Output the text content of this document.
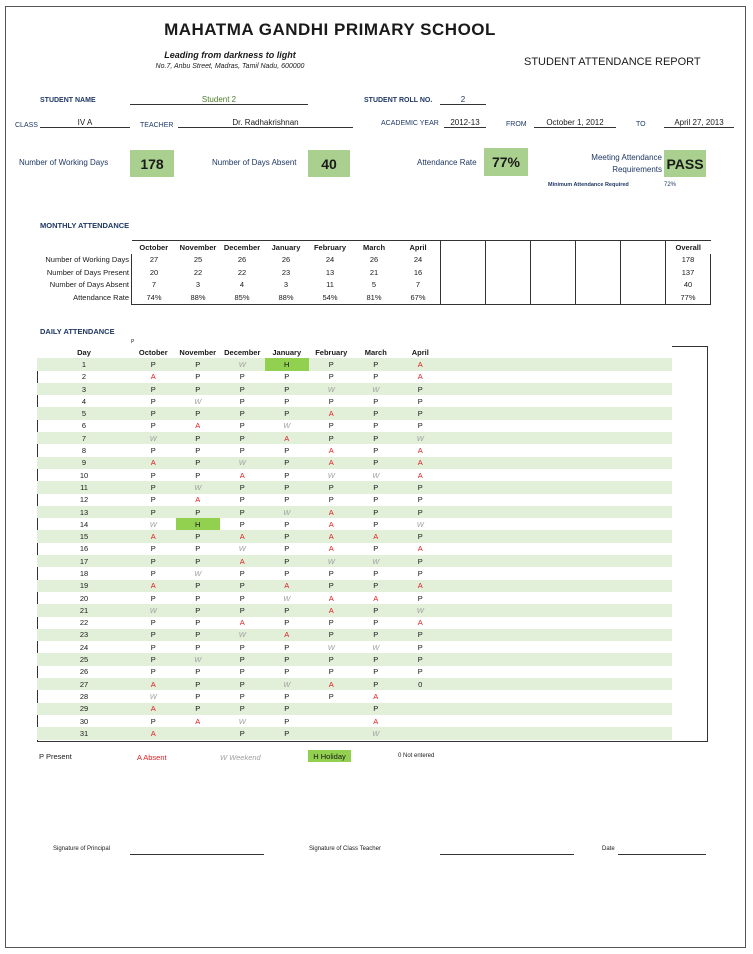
MAHATMA GANDHI PRIMARY SCHOOL
Leading from darkness to light
No.7, Anbu Street, Madras, Tamil Nadu, 600000	STUDENT ATTENDANCE REPORT
STUDENT NAME	Student 2	STUDENT ROLL NO.	2
CLASS	IV A	TEACHER	Dr. Radhakrishnan	ACADEMIC YEAR	2012-13	FROM	October 1, 2012	TO	April 27, 2013
Number of Working Days	178	Number of Days Absent	40	Attendance Rate	77%	Meeting Attendance
Requirements PASS
Minimum Attendance Required	72%
MONTHLY ATTENDANCE
	October	November	December	January	February	March	April						Overall
Number of Working Days	27	25	26	26	24	26	24						178
Number of Days Present	20	22	22	23	13	21	16						137
Number of Days Absent	7	3	4	3	11	5	7						40
Attendance Rate	74%	88%	85%	88%	54%	81%	67%						77%
DAILY ATTENDANCE
P
Day	October	November	December	January	February	March	April	
1	P	P	W	H	P	P	A	
2	A	P	P	P	P	P	A	
3	P	P	P	P	W	W	P	
4	P	W	P	P	P	P	P	
5	P	P	P	P	A	P	P	
6	P	A	P	W	P	P	P	
7	W	P	P	A	P	P	W	
8	P	P	P	P	A	P	A	
9	A	P	W	P	A	P	A	
10	P	P	A	P	W	W	A	
11	P	W	P	P	P	P	P	
12	P	A	P	P	P	P	P	
13	P	P	P	W	A	P	P	
14	W	H	P	P	A	P	W	
15	A	P	A	P	A	A	P	
16	P	P	W	P	A	P	A	
17	P	P	A	P	W	W	P	
18	P	W	P	P	P	P	P	
19	A	P	P	A	P	P	A	
20	P	P	P	W	A	A	P	
21	W	P	P	P	A	P	W	
22	P	P	A	P	P	P	A	
23	P	P	W	A	P	P	P	
24	P	P	P	P	W	W	P	
25	P	W	P	P	P	P	P	
26	P	P	P	P	P	P	P	
27	A	P	P	W	A	P	0	
28	W	P	P	P	P	A		
29	A	P	P	P		P		
30	P	A	W	P		A		
31	A		P	P		W		
P Present	A Absent	W Weekend	H Holiday	0 Not entered
Signature of Principal	Signature of Class Teacher	Date
